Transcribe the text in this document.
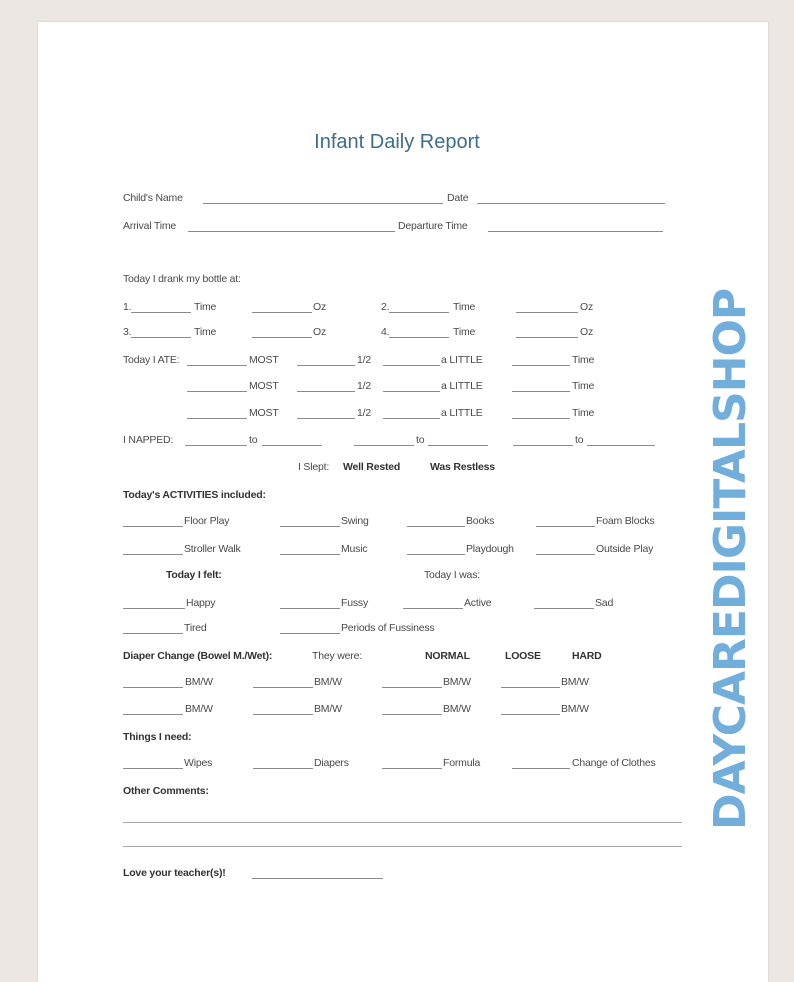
Infant Daily Report
Child's Name	Date
Arrival Time	Departure Time
Today I drank my bottle at:
1.	Time	Oz	2.	Time	Oz
3.	Time	Oz	4.	Time	Oz
Today I ATE:	MOST	1/2	a LITTLE	Time
MOST	1/2	a LITTLE	Time
MOST	1/2	a LITTLE	Time
I NAPPED:	to	to	to
I Slept: Well Rested	Was Restless
Today's ACTIVITIES included:
Floor Play	Swing	Books	Foam Blocks
Stroller Walk	Music	Playdough	Outside Play
Today I felt:	Today I was:
Happy	Fussy	Active	Sad
Tired	Periods of Fussiness
Diaper Change (Bowel M./Wet):	They were:	NORMAL	LOOSE	HARD
BM/W	BM/W	BM/W	BM/W
BM/W	BM/W	BM/W	BM/W
Things I need:
Wipes	Diapers	Formula	Change of Clothes
Other Comments:
Love your teacher(s)!
DAYCAREDIGITALSHOP
